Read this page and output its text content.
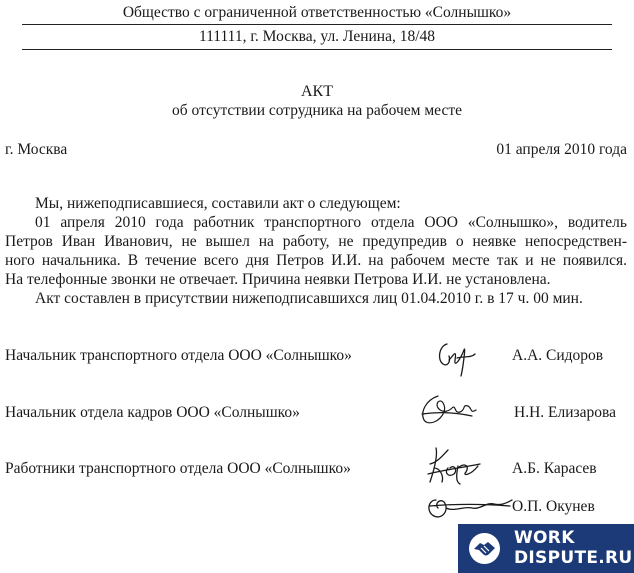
Общество с ограниченной ответственностью «Солнышко»
111111, г. Москва, ул. Ленина, 18/48
АКТ
об отсутствии сотрудника на рабочем месте
г. Москва	01 апреля 2010 года

Мы, нижеподписавшиеся, составили акт о следующем:

01 апреля 2010 года работник транспортного отдела ООО «Солнышко», водитель

Петров Иван Иванович, не вышел на работу, не предупредив о неявке непосредствен-

ного начальника. В течение всего дня Петров И.И. на рабочем месте так и не появился.

На телефонные звонки не отвечает. Причина неявки Петрова И.И. не установлена.

Акт составлен в присутствии нижеподписавшихся лиц 01.04.2010 г. в 17 ч. 00 мин.

Начальник транспортного отдела ООО «Солнышко»	А.А. Сидоров
Начальник отдела кадров ООО «Солнышко»	Н.Н. Елизарова
Работники транспортного отдела ООО «Солнышко»	А.Б. Карасев
О.П. Окунев
WORK
DISPUTE.RU
